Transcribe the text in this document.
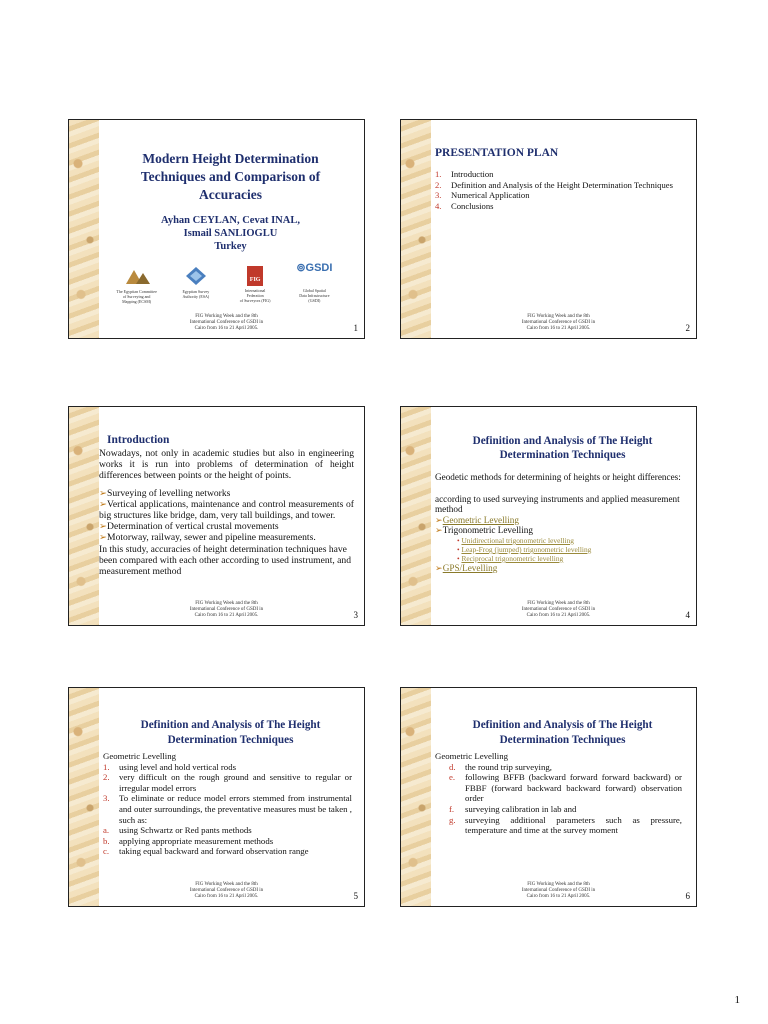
Modern Height Determination
Techniques and Comparison of
Accuracies
Ayhan CEYLAN, Cevat INAL,
Ismail SANLIOGLU
Turkey
The Egyptian Committee
of Surveying and
Mapping (ECSM)
Egyptian Survey
Authority (ESA)
FIG
International
Federation
of Surveyors (FIG)
⊚GSDI
Global Spatial
Data Infrastructure
(GSDI)
FIG Working Week and the 8th
International Conference of GSDI in
Cairo from 16 to 21 April 2005.	1
PRESENTATION PLAN
1. Introduction
2. Definition and Analysis of the Height Determination Techniques
3. Numerical Application
4. Conclusions
FIG Working Week and the 8th
International Conference of GSDI in
Cairo from 16 to 21 April 2005.	2
Introduction
Nowadays, not only in academic studies but also in engineering works it is run into problems of determination of height differences between points or the height of points.
➢Surveying of levelling networks
➢Vertical applications, maintenance and control measurements of big structures like bridge, dam, very tall buildings, and tower.
➢Determination of vertical crustal movements
➢Motorway, railway, sewer and pipeline measurements.
In this study, accuracies of height determination techniques have been compared with each other according to used instrument, and measurement method
FIG Working Week and the 8th
International Conference of GSDI in
Cairo from 16 to 21 April 2005.	3
Definition and Analysis of The Height
Determination Techniques
Geodetic methods for determining of heights or height differences:
according to used surveying instruments and applied measurement method
➢Geometric Levelling
➢Trigonometric Levelling
• Unidirectional trigonometric levelling
• Leap-Frog (jumped) trigonometric levelling
• Reciprocal trigonometric levelling
➢GPS/Levelling
FIG Working Week and the 8th
International Conference of GSDI in
Cairo from 16 to 21 April 2005.	4
Definition and Analysis of The Height
Determination Techniques
Geometric Levelling
1. using level and hold vertical rods
2. very difficult on the rough ground and sensitive to regular or irregular model errors
3. To eliminate or reduce model errors stemmed from instrumental and outer surroundings, the preventative measures must be taken , such as:
a. using Schwartz or Red pants methods
b. applying appropriate measurement methods
c. taking equal backward and forward observation range
FIG Working Week and the 8th
International Conference of GSDI in
Cairo from 16 to 21 April 2005.	5
Definition and Analysis of The Height
Determination Techniques
Geometric Levelling
d. the round trip surveying,
e. following BFFB (backward forward forward backward) or FBBF (forward backward backward forward) observation order
f. surveying calibration in lab and
g. surveying additional parameters such as pressure, temperature and time at the survey moment
FIG Working Week and the 8th
International Conference of GSDI in
Cairo from 16 to 21 April 2005.	6
1
